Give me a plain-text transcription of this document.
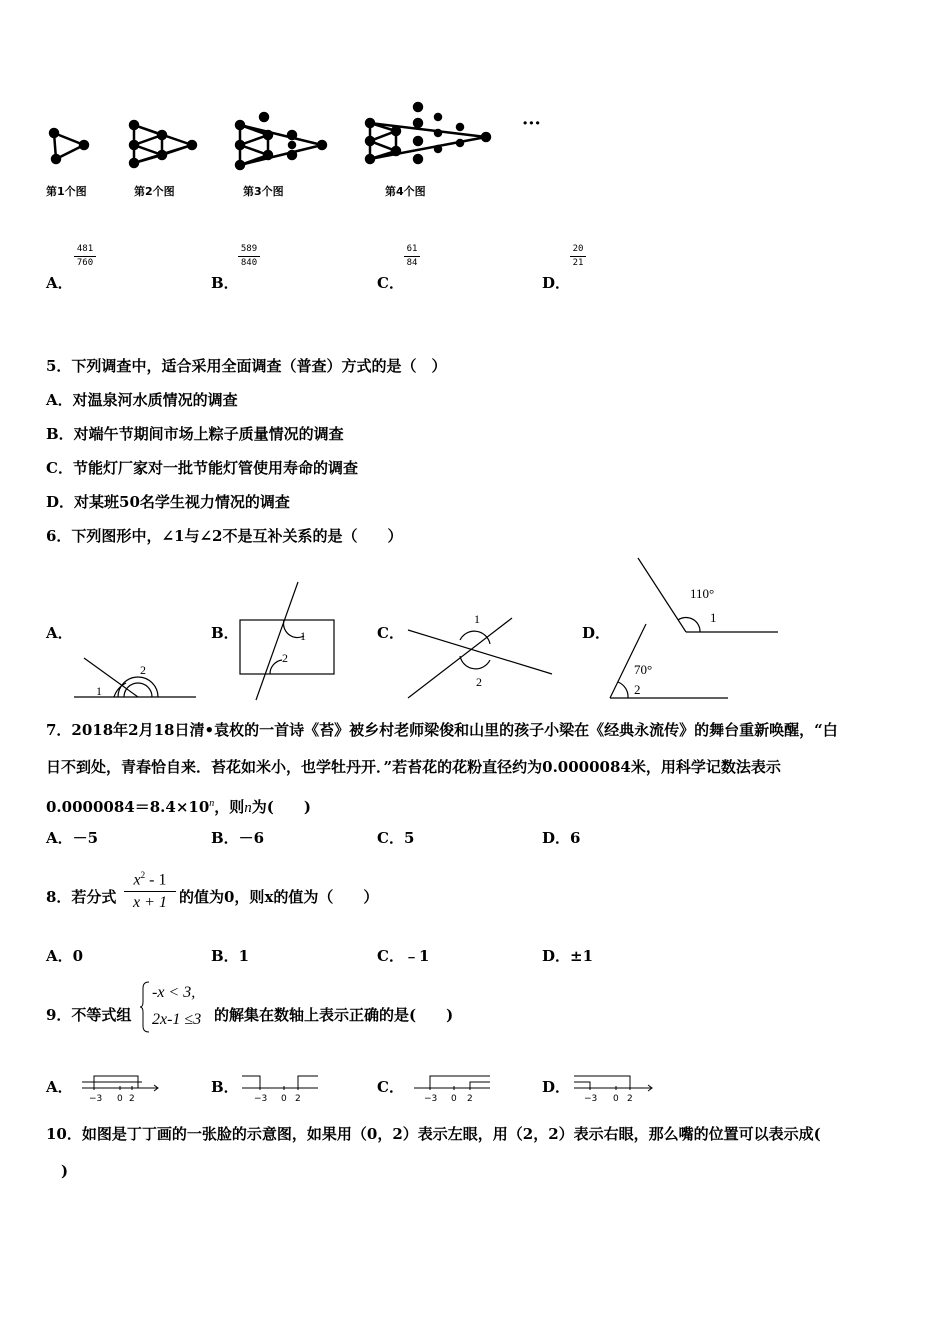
第1个图	第2个图	第3个图	第4个图
···
A．
481
760
B．
589
840
C．
61
84
D．
20
21
5．下列调查中，适合采用全面调查（普查）方式的是（　）
A．对温泉河水质情况的调查
B．对端午节期间市场上粽子质量情况的调查
C．节能灯厂家对一批节能灯管使用寿命的调查
D．对某班50名学生视力情况的调查
6．下列图形中，∠1与∠2不是互补关系的是（　　）
A．	B．	C．	D．
1
2
1
2
1
2
110°
1
70°
2
7．2018年2月18日清•袁枚的一首诗《苔》被乡村老师梁俊和山里的孩子小梁在《经典永流传》的舞台重新唤醒，“白
日不到处，青春恰自来．苔花如米小，也学牡丹开．”若苔花的花粉直径约为0.0000084米，用科学记数法表示
$0.0000084=8.4\times 10^n$，则n为(　　)
A．－5	B．－6	C．5	D．6
8．若分式
$x^2 - 1$
x + 1 的值为0，则x的值为（　　）
A．0	B．1	C．﹣1	D．±1
9．不等式组
-x < 3,
2x-1 ≤3 的解集在数轴上表示正确的是(　　)
A．	B．	C．	D．
−3 0 2	−3 0 2	−3 0 2	−3 0 2
10．如图是丁丁画的一张脸的示意图，如果用（0，2）表示左眼，用（2，2）表示右眼，那么嘴的位置可以表示成(
　)
